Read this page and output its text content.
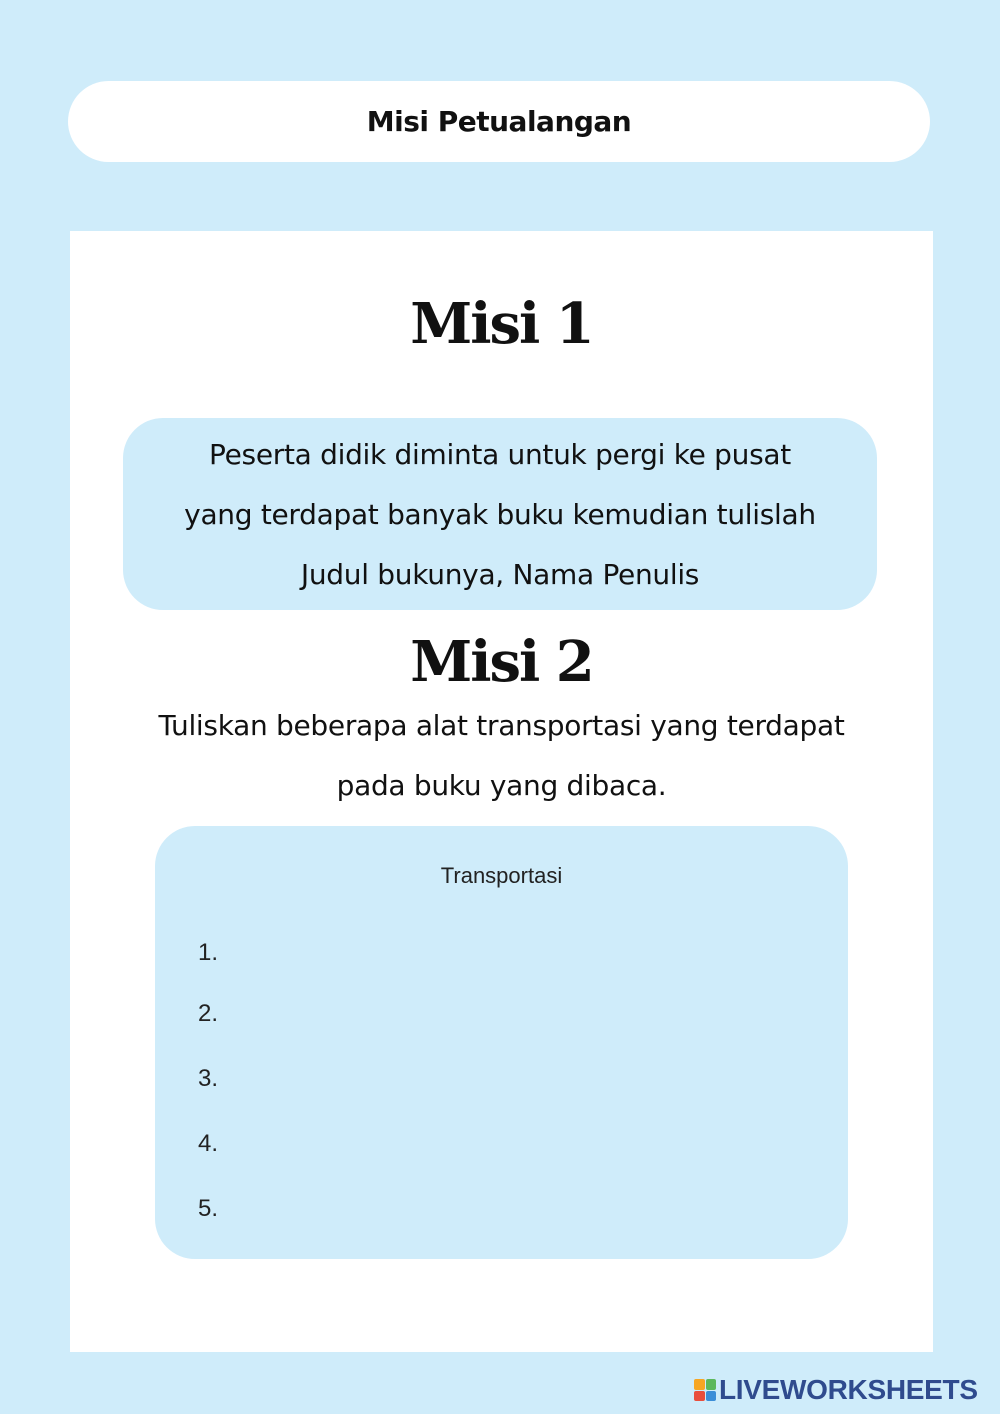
Misi Petualangan
Misi 1
Peserta didik diminta untuk pergi ke pusat
yang terdapat banyak buku kemudian tulislah
Judul bukunya, Nama Penulis
Misi 2
Tuliskan beberapa alat transportasi yang terdapat
pada buku yang dibaca.
Transportasi
1.
2.
3.
4.
5.
LIVEWORKSHEETS
